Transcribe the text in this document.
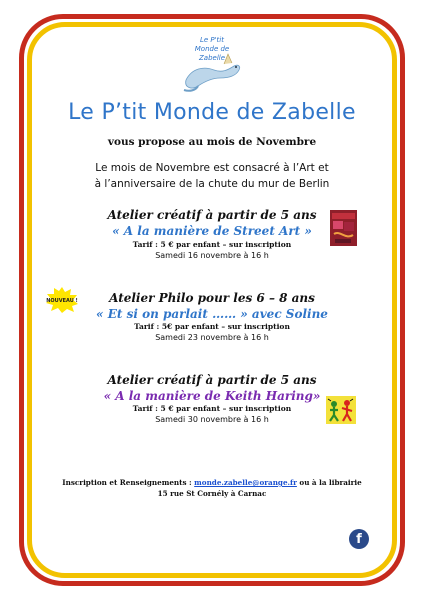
Le P'tit
Monde de
Zabelle
Le P’tit Monde de Zabelle
vous propose au mois de Novembre
Le mois de Novembre est consacré à l’Art et
à l’anniversaire de la chute du mur de Berlin
Atelier créatif à partir de 5 ans
« A la manière de Street Art »
Tarif : 5 € par enfant – sur inscription
Samedi 16 novembre à 16 h
NOUVEAU !	Atelier Philo pour les 6 – 8 ans
« Et si on parlait …… » avec Soline
Tarif : 5€ par enfant – sur inscription
Samedi 23 novembre à 16 h
Atelier créatif à partir de 5 ans
« A la manière de Keith Haring»
Tarif : 5 € par enfant – sur inscription
Samedi 30 novembre à 16 h
Inscription et Renseignements : monde.zabelle@orange.fr ou à la librairie
15 rue St Cornély à Carnac
f
